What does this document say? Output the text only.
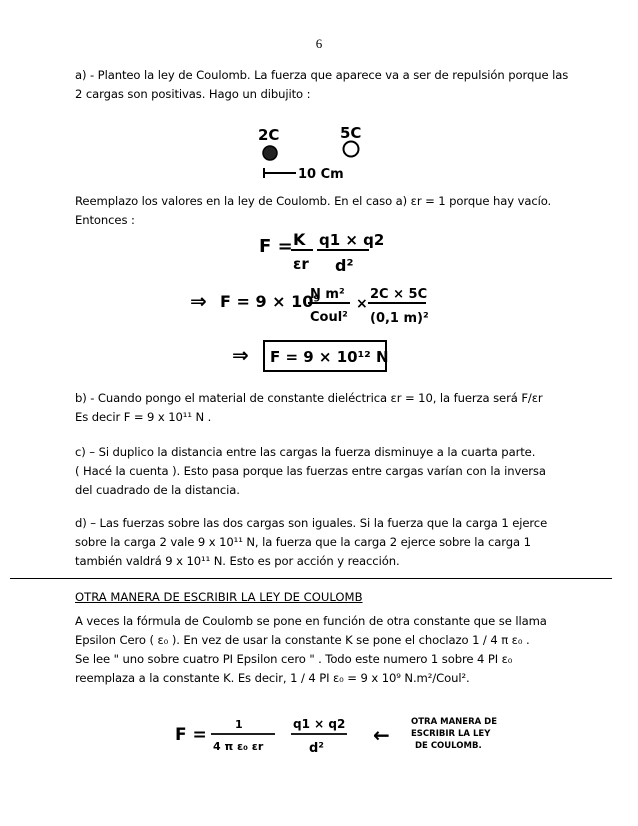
6
a) - Planteo la ley de Coulomb. La fuerza que aparece va a ser de repulsión porque las
2 cargas son positivas. Hago un dibujito :
2C	5C
10 Cm
Reemplazo los valores en la ley de Coulomb. En el caso a) εr = 1 porque hay vacío.
Entonces :
F = K
εr
q1 × q2
d²
⇒ F = 9 × 10⁹
N m²
Coul²
×
2C × 5C
(0,1 m)²
⇒ F = 9 × 10¹² N
b) - Cuando pongo el material de constante dieléctrica εr = 10, la fuerza será F/εr
Es decir F = 9 x 10¹¹ N .
c) – Si duplico la distancia entre las cargas la fuerza disminuye a la cuarta parte.
( Hacé la cuenta ). Esto pasa porque las fuerzas entre cargas varían con la inversa
del cuadrado de la distancia.
d) – Las fuerzas sobre las dos cargas son iguales. Si la fuerza que la carga 1 ejerce
sobre la carga 2 vale 9 x 10¹¹ N, la fuerza que la carga 2 ejerce sobre la carga 1
también valdrá 9 x 10¹¹ N. Esto es por acción y reacción.
OTRA MANERA DE ESCRIBIR LA LEY DE COULOMB
A veces la fórmula de Coulomb se pone en función de otra constante que se llama
Epsilon Cero ( ε₀ ). En vez de usar la constante K se pone el choclazo 1 / 4 π ε₀ .
Se lee " uno sobre cuatro PI Epsilon cero " . Todo este numero 1 sobre 4 PI ε₀
reemplaza a la constante K. Es decir, 1 / 4 PI ε₀ = 9 x 10⁹ N.m²/Coul².
F =
1
4 π ε₀ εr
q1 × q2
d²
←
OTRA MANERA DE
ESCRIBIR LA LEY
DE COULOMB.
